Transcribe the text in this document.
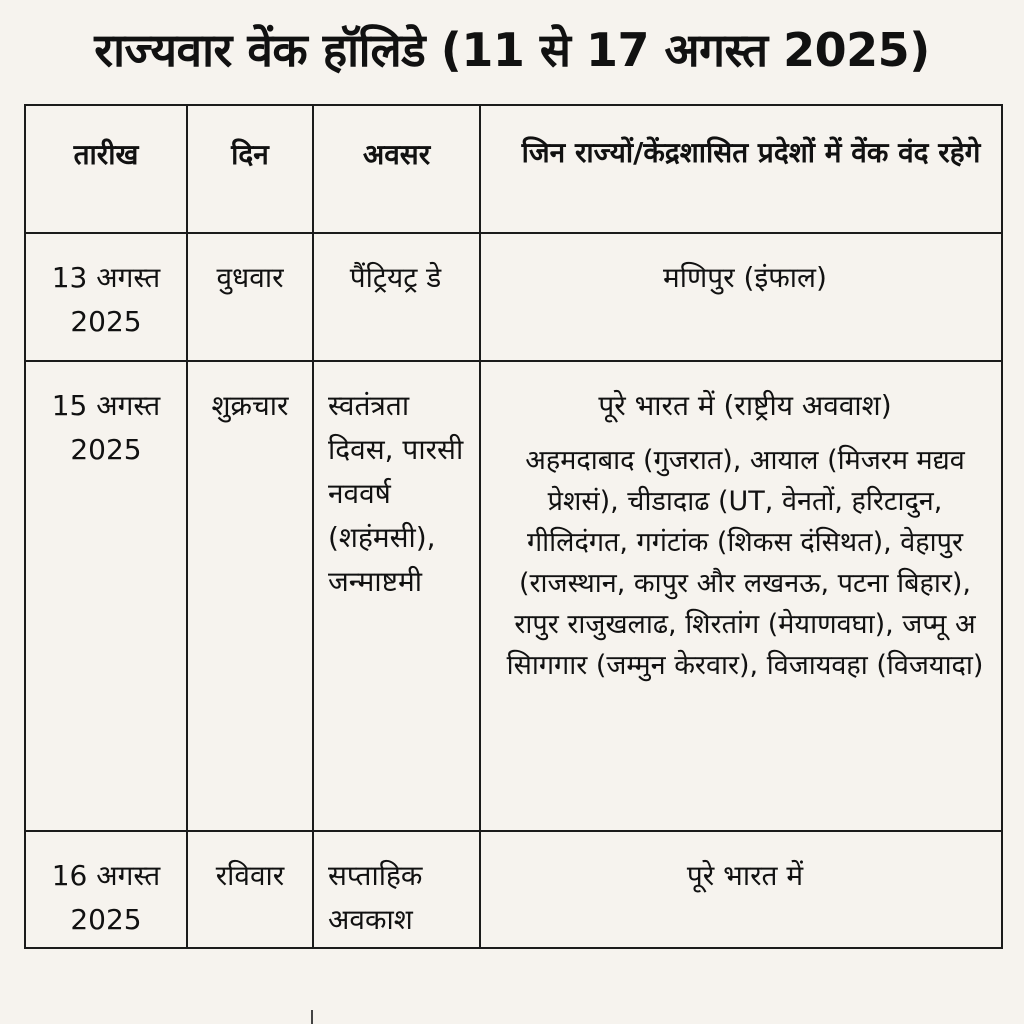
राज्यवार वेंक हॉलिडे (11 से 17 अगस्त 2025)
तारीख	दिन	अवसर	जिन राज्यों/केंद्रशासित प्रदेशों में वेंक वंद रहेगे

13 अगस्त 2025	वुधवार	पैंट्रियट्र डे	मणिपुर (इंफाल)

15 अगस्त 2025	शुक्रचार	स्वतंत्रता दिवस, पारसी नववर्ष (शहंमसी), जन्माष्टमी	पूरे भारत में (राष्ट्रीय अववाश)
अहमदाबाद (गुजरात), आयाल (मिजरम मद्यव प्रेशसं), चीडादाढ (UT, वेनतों, हरिटादुन, गीलिदंगत, गगंटांक (शिकस दंसिथत), वेहापुर (राजस्थान, कापुर और लखनऊ, पटना बिहार), रापुर राजुखलाढ, शिरतांग (मेयाणवघा), जप्मू अ सिागगार (जम्मुन केरवार), विजायवहा (विजयादा)

16 अगस्त 2025	रविवार	सप्ताहिक अवकाश	पूरे भारत में
